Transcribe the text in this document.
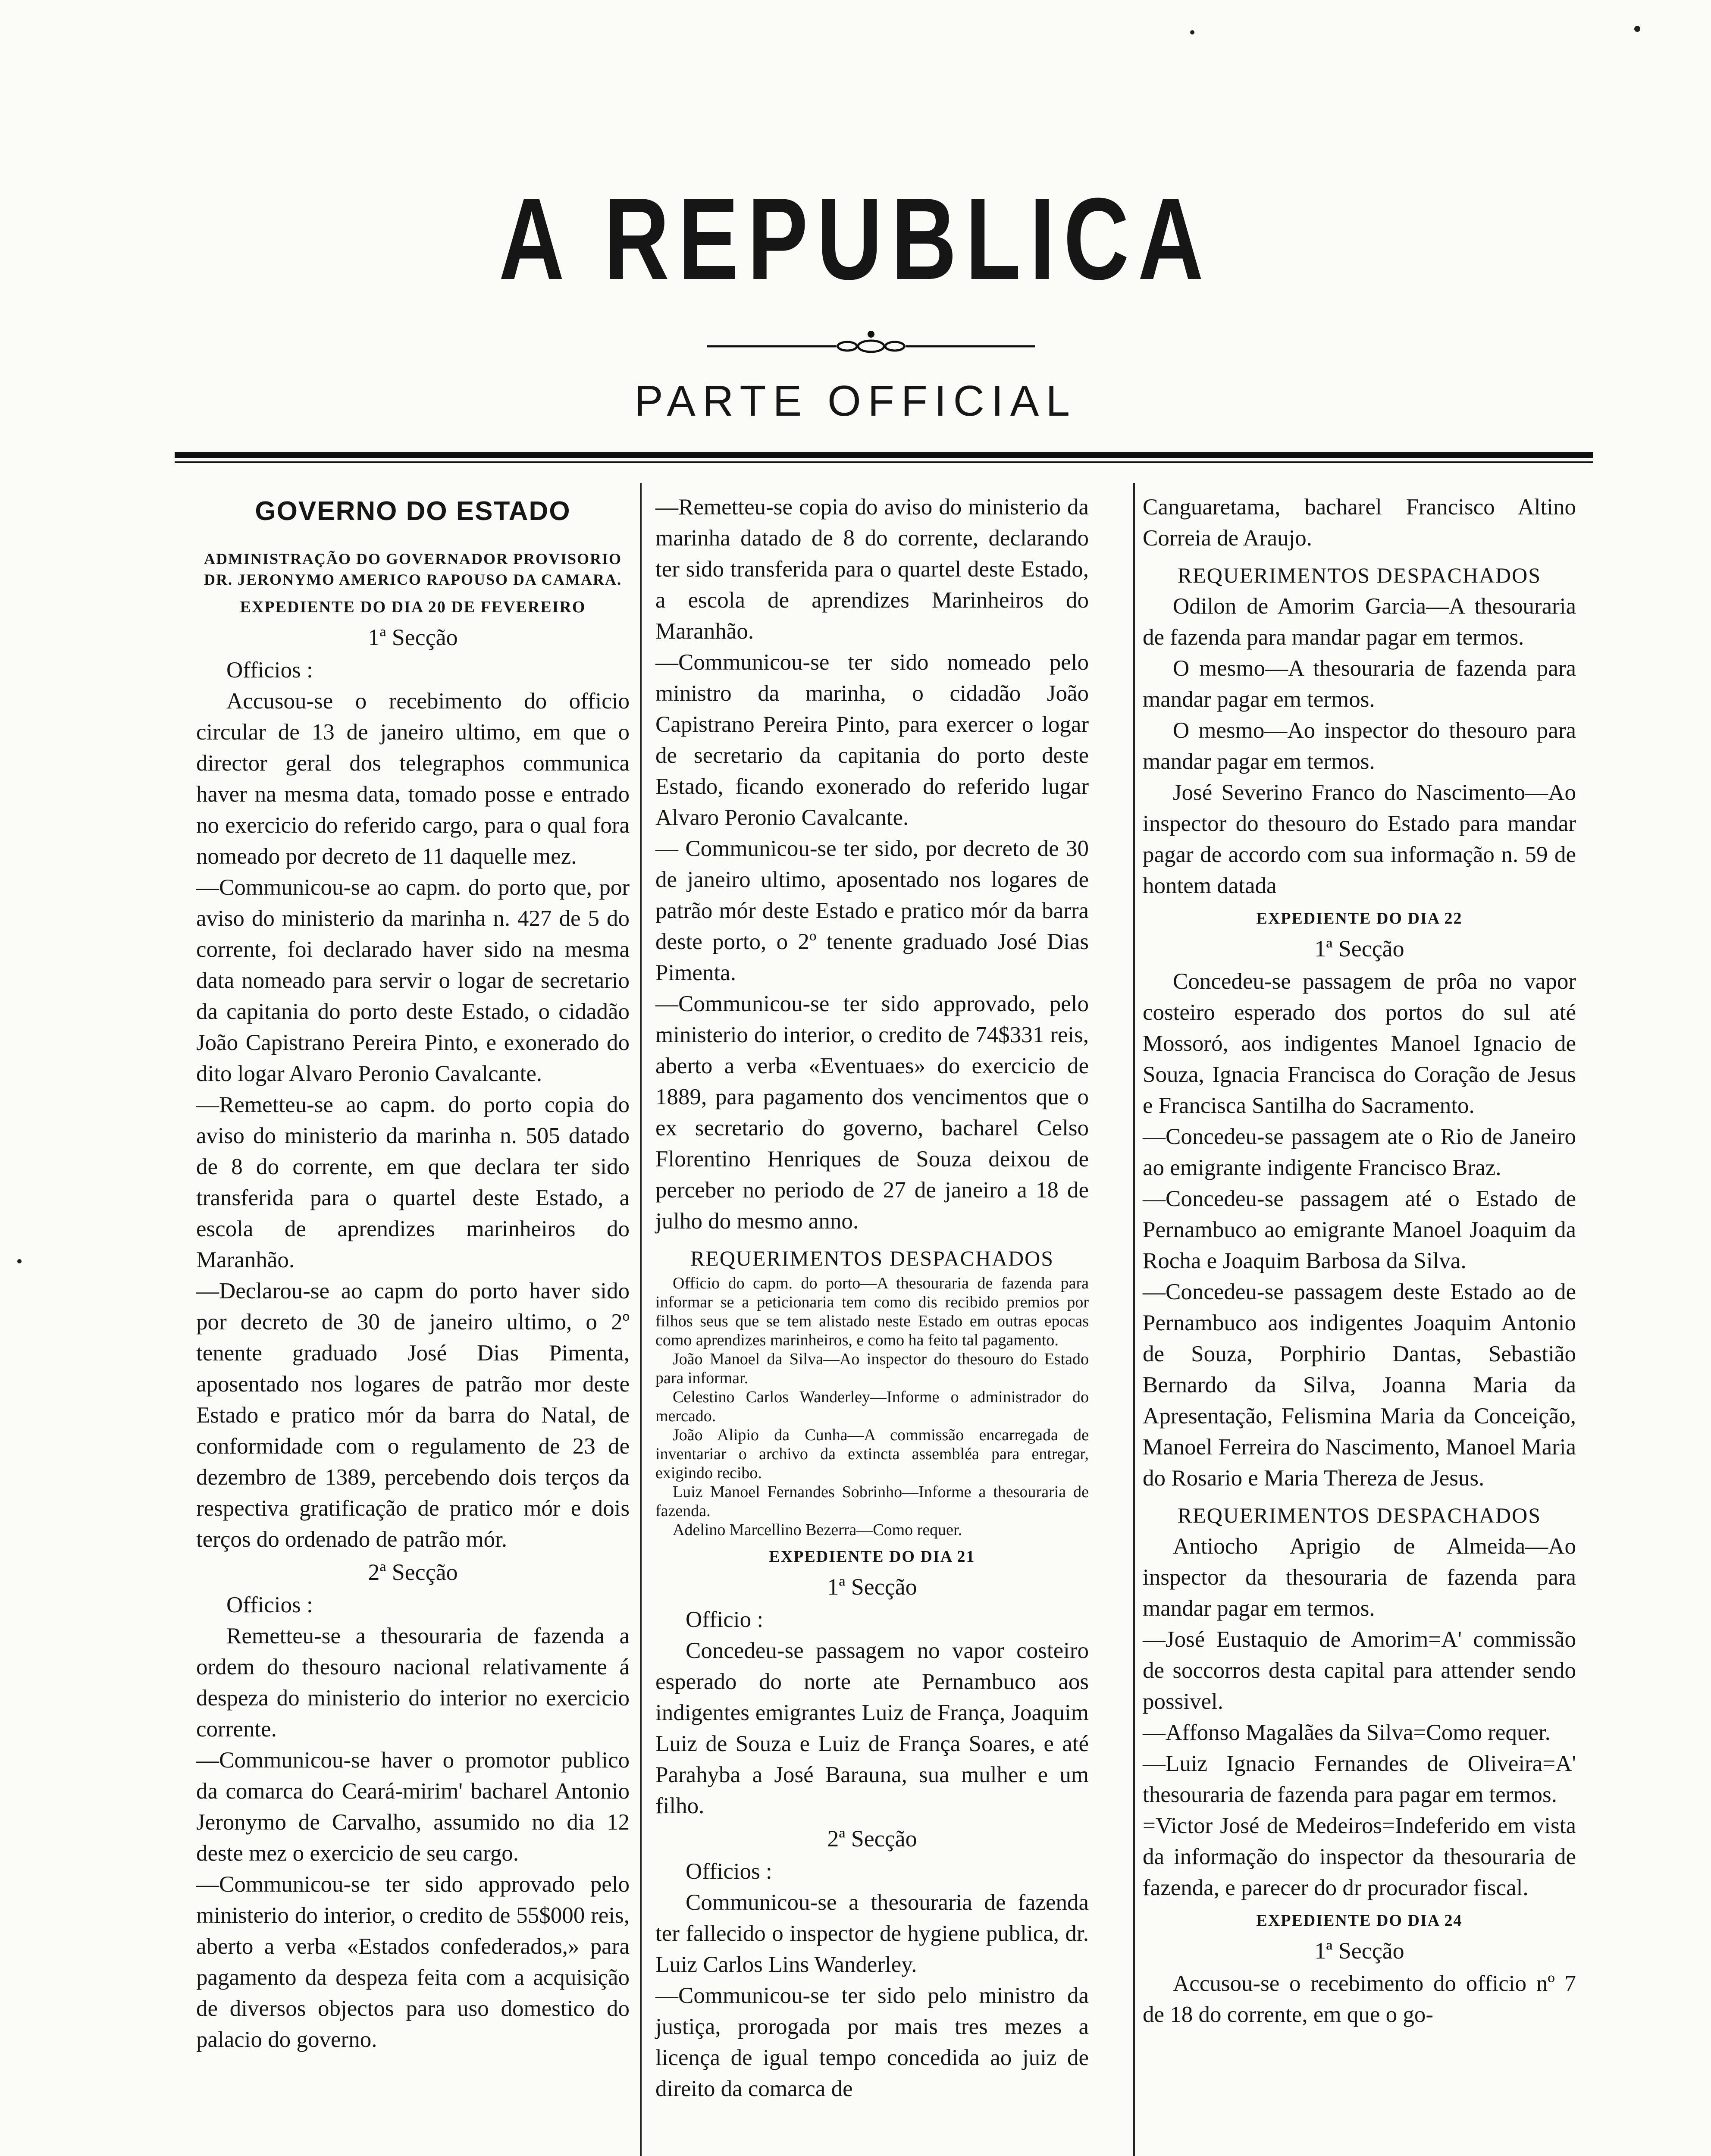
A REPUBLICA
PARTE OFFICIAL
GOVERNO DO ESTADO
ADMINISTRAÇÃO DO GOVERNADOR PROVISORIO DR. JERONYMO AMERICO RAPOUSO DA CAMARA.
EXPEDIENTE DO DIA 20 DE FEVEREIRO
1ª Secção

Officios :

Accusou-se o recebimento do officio circular de 13 de janeiro ultimo, em que o director geral dos telegraphos communica haver na mesma data, tomado posse e entrado no exercicio do referido cargo, para o qual fora nomeado por decreto de 11 daquelle mez.

—Communicou-se ao capm. do porto que, por aviso do ministerio da marinha n. 427 de 5 do corrente, foi declarado haver sido na mesma data nomeado para servir o logar de secretario da capitania do porto deste Estado, o cidadão João Capistrano Pereira Pinto, e exonerado do dito logar Alvaro Peronio Cavalcante.

—Remetteu-se ao capm. do porto copia do aviso do ministerio da marinha n. 505 datado de 8 do corrente, em que declara ter sido transferida para o quartel deste Estado, a escola de aprendizes marinheiros do Maranhão.

—Declarou-se ao capm do porto haver sido por decreto de 30 de janeiro ultimo, o 2º tenente graduado José Dias Pimenta, aposentado nos logares de patrão mor deste Estado e pratico mór da barra do Natal, de conformidade com o regulamento de 23 de dezembro de 1389, percebendo dois terços da respectiva gratificação de pratico mór e dois terços do ordenado de patrão mór.

2ª Secção

Officios :

Remetteu-se a thesouraria de fazenda a ordem do thesouro nacional relativamente á despeza do ministerio do interior no exercicio corrente.

—Communicou-se haver o promotor publico da comarca do Ceará-mirim' bacharel Antonio Jeronymo de Carvalho, assumido no dia 12 deste mez o exercicio de seu cargo.

—Communicou-se ter sido approvado pelo ministerio do interior, o credito de 55$000 reis, aberto a verba «Estados confederados,» para pagamento da despeza feita com a acquisição de diversos objectos para uso domestico do palacio do governo.

—Remetteu-se copia do aviso do ministerio da marinha datado de 8 do corrente, declarando ter sido transferida para o quartel deste Estado, a escola de aprendizes Marinheiros do Maranhão.

—Communicou-se ter sido nomeado pelo ministro da marinha, o cidadão João Capistrano Pereira Pinto, para exercer o logar de secretario da capitania do porto deste Estado, ficando exonerado do referido lugar Alvaro Peronio Cavalcante.

— Communicou-se ter sido, por decreto de 30 de janeiro ultimo, aposentado nos logares de patrão mór deste Estado e pratico mór da barra deste porto, o 2º tenente graduado José Dias Pimenta.

—Communicou-se ter sido approvado, pelo ministerio do interior, o credito de 74$331 reis, aberto a verba «Eventuaes» do exercicio de 1889, para pagamento dos vencimentos que o ex secretario do governo, bacharel Celso Florentino Henriques de Souza deixou de perceber no periodo de 27 de janeiro a 18 de julho do mesmo anno.

REQUERIMENTOS DESPACHADOS

Officio do capm. do porto—A thesouraria de fazenda para informar se a peticionaria tem como dis recibido premios por filhos seus que se tem alistado neste Estado em outras epocas como aprendizes marinheiros, e como ha feito tal pagamento.

João Manoel da Silva—Ao inspector do thesouro do Estado para informar.

Celestino Carlos Wanderley—Informe o administrador do mercado.

João Alipio da Cunha—A commissão encarregada de inventariar o archivo da extincta assembléa para entregar, exigindo recibo.

Luiz Manoel Fernandes Sobrinho—Informe a thesouraria de fazenda.

Adelino Marcellino Bezerra—Como requer.

EXPEDIENTE DO DIA 21
1ª Secção

Officio :

Concedeu-se passagem no vapor costeiro esperado do norte ate Pernambuco aos indigentes emigrantes Luiz de França, Joaquim Luiz de Souza e Luiz de França Soares, e até Parahyba a José Barauna, sua mulher e um filho.

2ª Secção

Officios :

Communicou-se a thesouraria de fazenda ter fallecido o inspector de hygiene publica, dr. Luiz Carlos Lins Wanderley.

—Communicou-se ter sido pelo ministro da justiça, prorogada por mais tres mezes a licença de igual tempo concedida ao juiz de direito da comarca de

Canguaretama, bacharel Francisco Altino Correia de Araujo.

REQUERIMENTOS DESPACHADOS

Odilon de Amorim Garcia—A thesouraria de fazenda para mandar pagar em termos.

O mesmo—A thesouraria de fazenda para mandar pagar em termos.

O mesmo—Ao inspector do thesouro para mandar pagar em termos.

José Severino Franco do Nascimento—Ao inspector do thesouro do Estado para mandar pagar de accordo com sua informação n. 59 de hontem datada

EXPEDIENTE DO DIA 22
1ª Secção

Concedeu-se passagem de prôa no vapor costeiro esperado dos portos do sul até Mossoró, aos indigentes Manoel Ignacio de Souza, Ignacia Francisca do Coração de Jesus e Francisca Santilha do Sacramento.

—Concedeu-se passagem ate o Rio de Janeiro ao emigrante indigente Francisco Braz.

—Concedeu-se passagem até o Estado de Pernambuco ao emigrante Manoel Joaquim da Rocha e Joaquim Barbosa da Silva.

—Concedeu-se passagem deste Estado ao de Pernambuco aos indigentes Joaquim Antonio de Souza, Porphirio Dantas, Sebastião Bernardo da Silva, Joanna Maria da Apresentação, Felismina Maria da Conceição, Manoel Ferreira do Nascimento, Manoel Maria do Rosario e Maria Thereza de Jesus.

REQUERIMENTOS DESPACHADOS

Antiocho Aprigio de Almeida—Ao inspector da thesouraria de fazenda para mandar pagar em termos.

—José Eustaquio de Amorim=A' commissão de soccorros desta capital para attender sendo possivel.

—Affonso Magalães da Silva=Como requer.

—Luiz Ignacio Fernandes de Oliveira=A' thesouraria de fazenda para pagar em termos.

=Victor José de Medeiros=Indeferido em vista da informação do inspector da thesouraria de fazenda, e parecer do dr procurador fiscal.

EXPEDIENTE DO DIA 24
1ª Secção

Accusou-se o recebimento do officio nº 7 de 18 do corrente, em que o go-
